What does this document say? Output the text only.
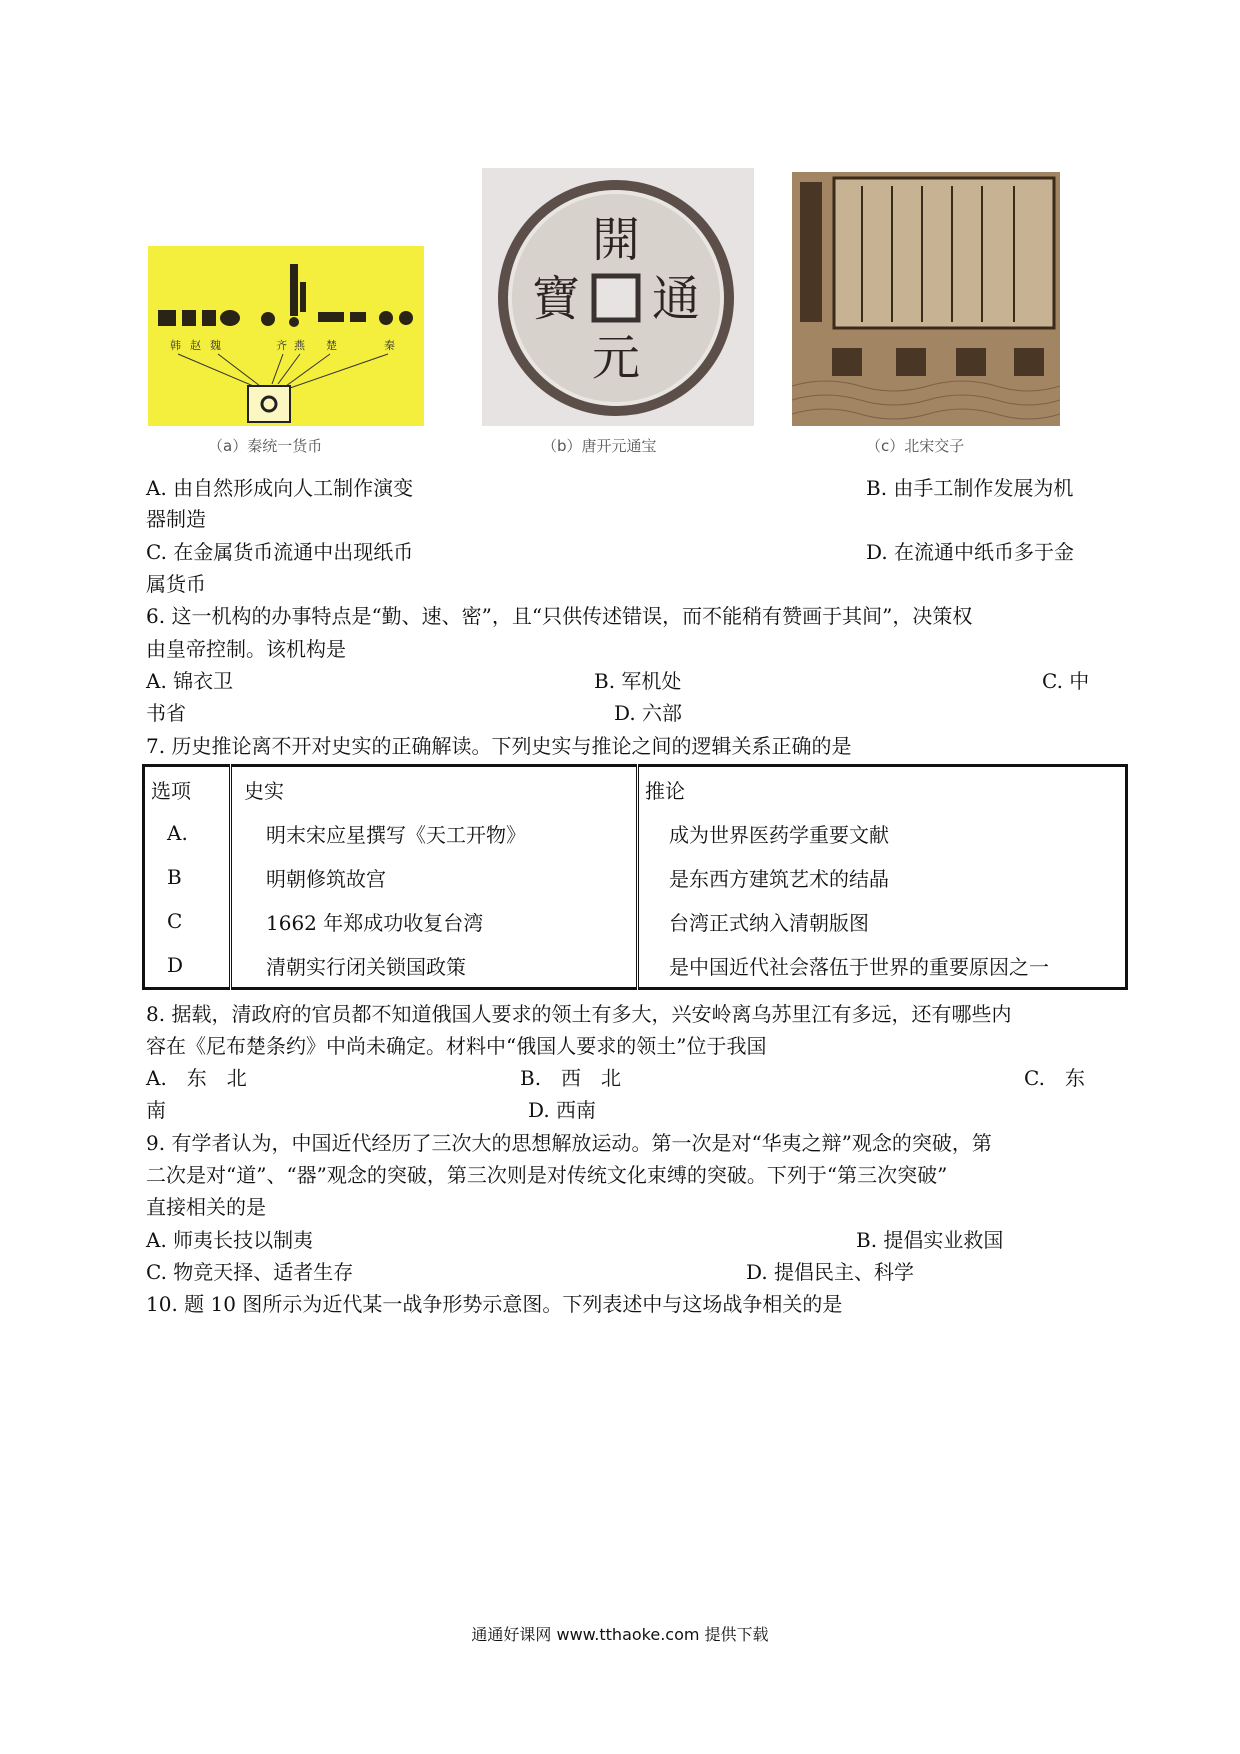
韩 赵 魏	齐 燕 楚	秦
（a）秦统一货币
開
元
通
寶
（b）唐开元通宝	（c）北宋交子
A. 由自然形成向人工制作演变	B. 由手工制作发展为机
器制造
C. 在金属货币流通中出现纸币	D. 在流通中纸币多于金
属货币
6. 这一机构的办事特点是“勤、速、密”，且“只供传述错误，而不能稍有赞画于其间”，决策权
由皇帝控制。该机构是
A. 锦衣卫	B. 军机处	C. 中
书省	D. 六部
7. 历史推论离不开对史实的正确解读。下列史实与推论之间的逻辑关系正确的是
选项	史实	推论
A.	明末宋应星撰写《天工开物》	成为世界医药学重要文献
B	明朝修筑故宫	是东西方建筑艺术的结晶
C	1662 年郑成功收复台湾	台湾正式纳入清朝版图
D	清朝实行闭关锁国政策	是中国近代社会落伍于世界的重要原因之一
8. 据载，清政府的官员都不知道俄国人要求的领土有多大，兴安岭离乌苏里江有多远，还有哪些内
容在《尼布楚条约》中尚未确定。材料中“俄国人要求的领土”位于我国
A.　东　北	B.　西　北	C.　东
南	D. 西南
9. 有学者认为，中国近代经历了三次大的思想解放运动。第一次是对“华夷之辩”观念的突破，第
二次是对“道”、“器”观念的突破，第三次则是对传统文化束缚的突破。下列于“第三次突破”
直接相关的是
A. 师夷长技以制夷	B. 提倡实业救国
C. 物竞天择、适者生存	D. 提倡民主、科学
10. 题 10 图所示为近代某一战争形势示意图。下列表述中与这场战争相关的是
通通好课网 www.tthaoke.com 提供下载
